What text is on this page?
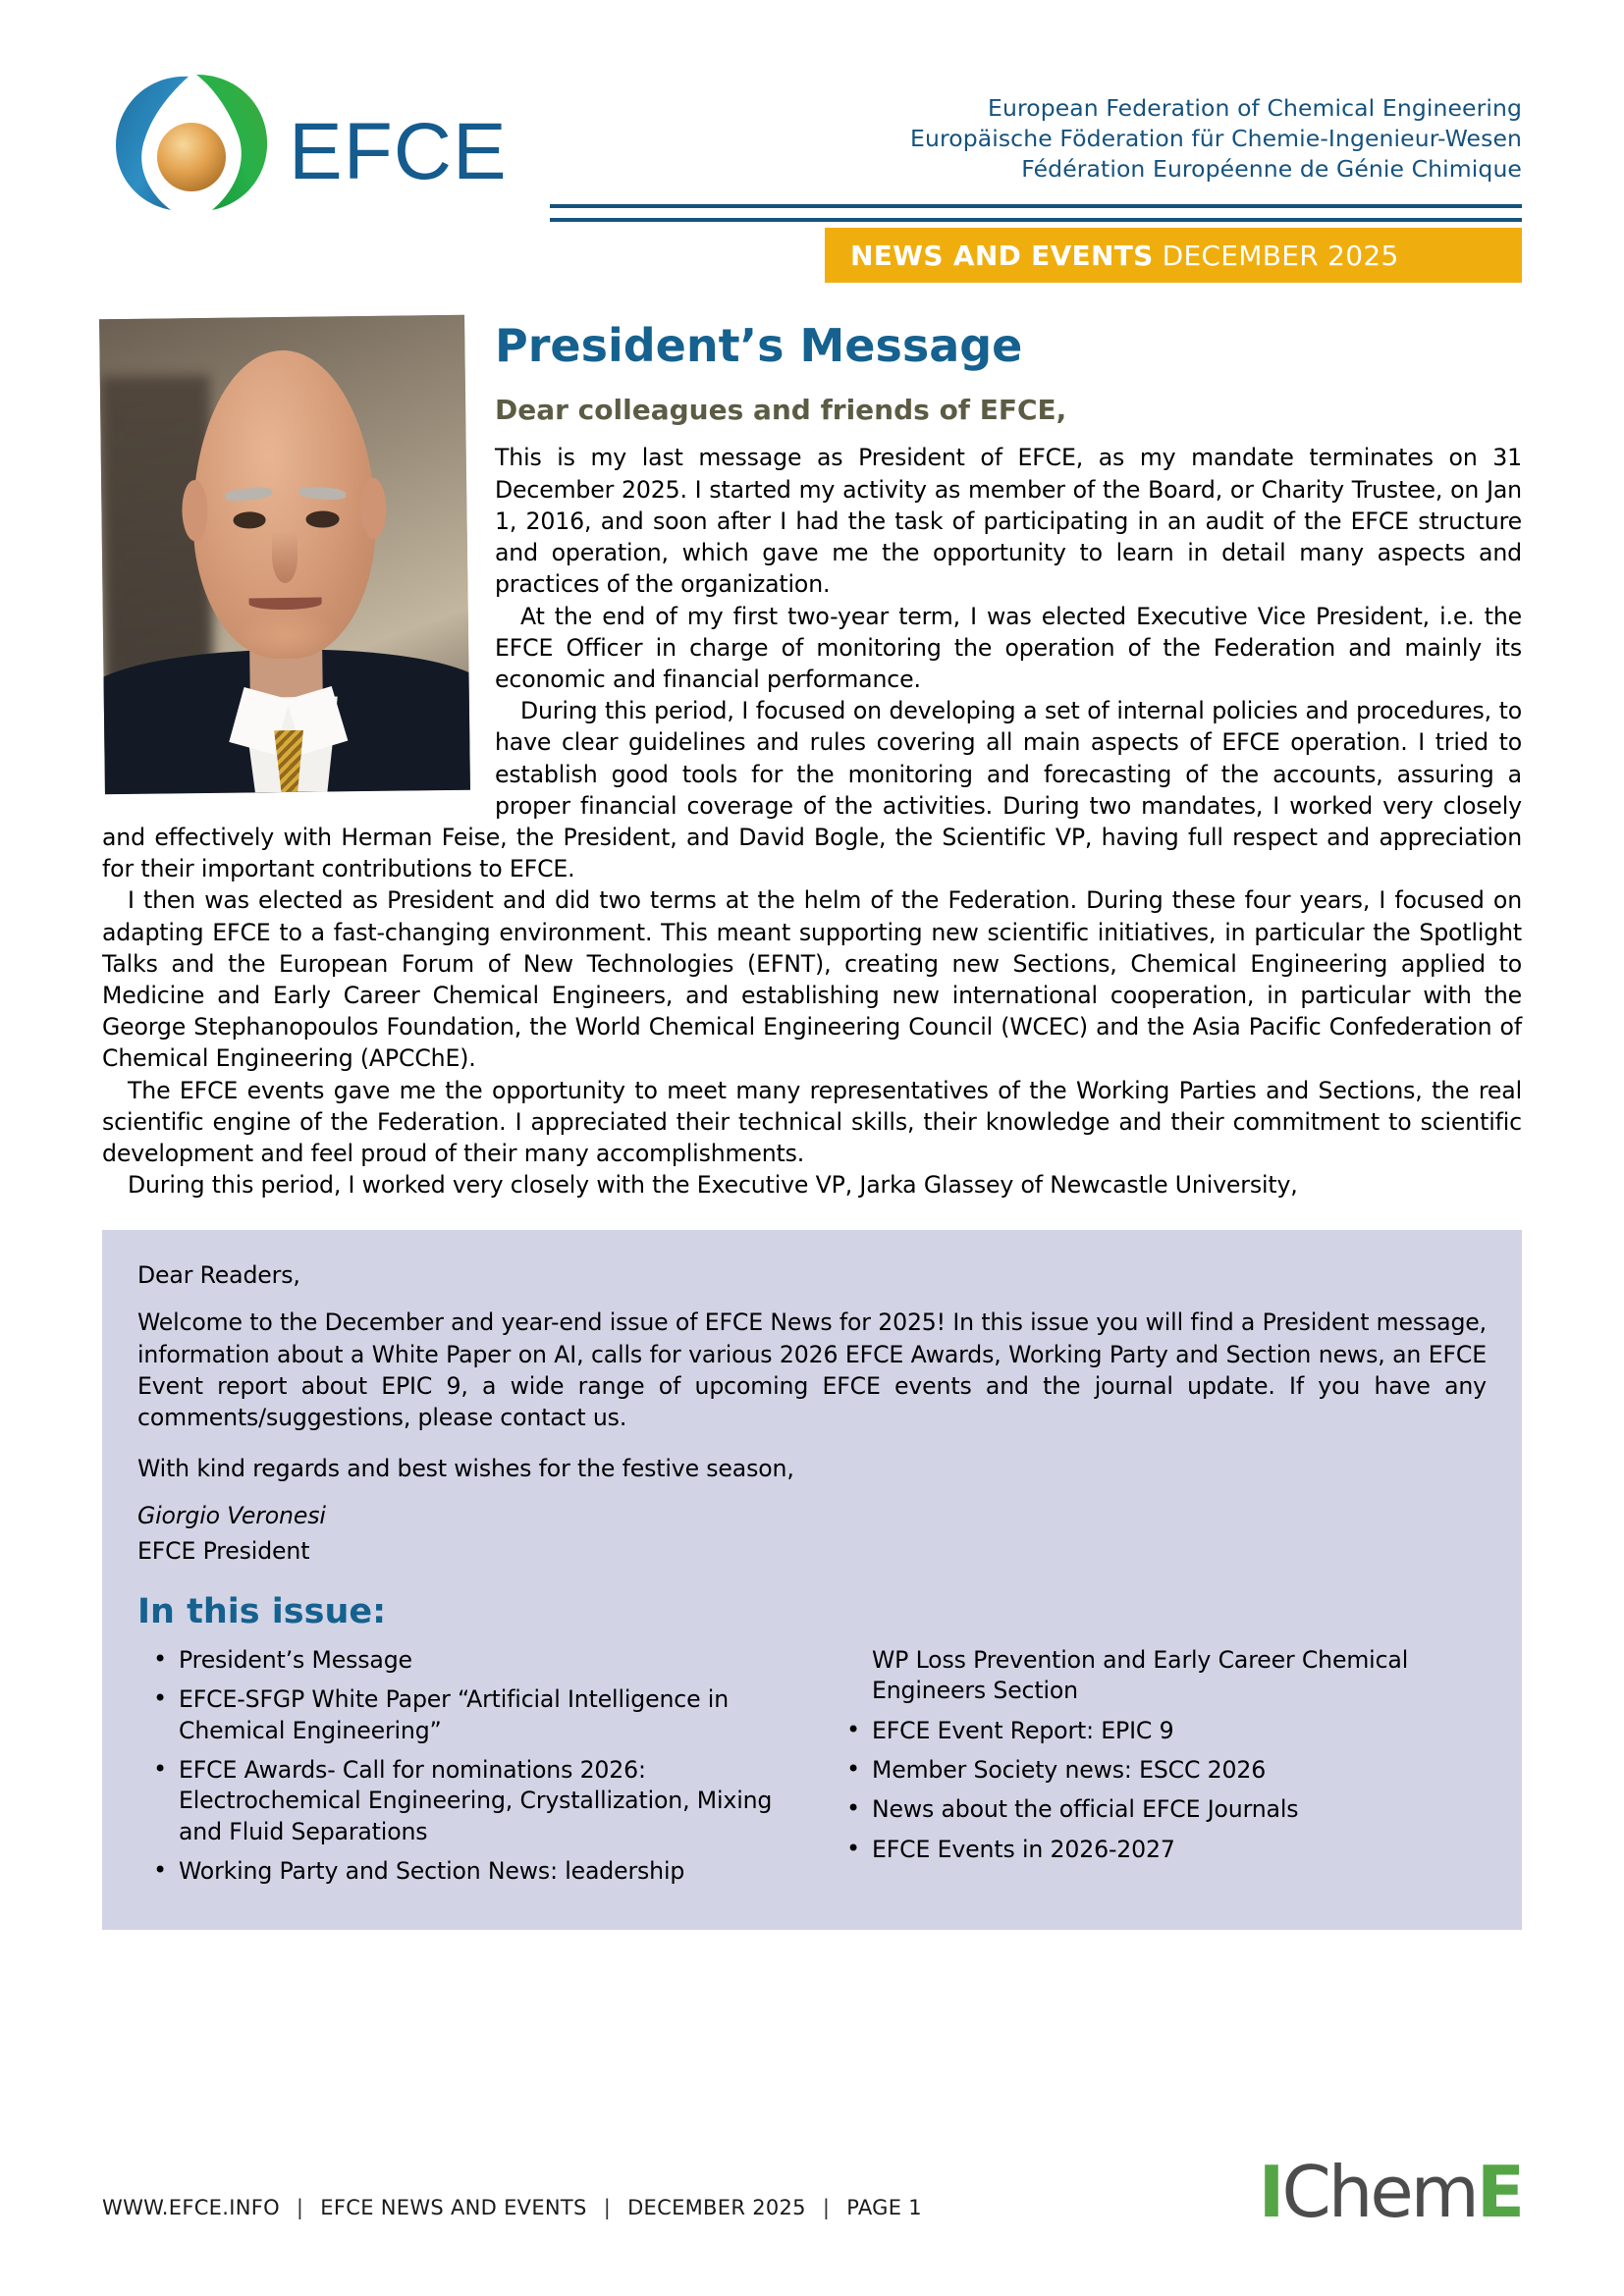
EFCE	European Federation of Chemical Engineering
Europäische Föderation für Chemie-Ingenieur-Wesen
Fédération Européenne de Génie Chimique
NEWS AND EVENTS DECEMBER 2025
President’s Message
Dear colleagues and friends of EFCE,

This is my last message as President of EFCE, as my mandate terminates on 31 December 2025. I started my activity as member of the Board, or Charity Trustee, on Jan 1, 2016, and soon after I had the task of participating in an audit of the EFCE structure and operation, which gave me the opportunity to learn in detail many aspects and practices of the organization.

At the end of my first two-year term, I was elected Executive Vice President, i.e. the EFCE Officer in charge of monitoring the operation of the Federation and mainly its economic and financial performance.

During this period, I focused on developing a set of internal policies and procedures, to have clear guidelines and rules covering all main aspects of EFCE operation. I tried to establish good tools for the monitoring and forecasting of the accounts, assuring a proper financial coverage of the activities. During two mandates, I worked very closely and effectively with Herman Feise, the President, and David Bogle, the Scientific VP, having full respect and appreciation for their important contributions to EFCE.

I then was elected as President and did two terms at the helm of the Federation. During these four years, I focused on adapting EFCE to a fast-changing environment. This meant supporting new scientific initiatives, in particular the Spotlight Talks and the European Forum of New Technologies (EFNT), creating new Sections, Chemical Engineering applied to Medicine and Early Career Chemical Engineers, and establishing new international cooperation, in particular with the George Stephanopoulos Foundation, the World Chemical Engineering Council (WCEC) and the Asia Pacific Confederation of Chemical Engineering (APCChE).

The EFCE events gave me the opportunity to meet many representatives of the Working Parties and Sections, the real scientific engine of the Federation. I appreciated their technical skills, their knowledge and their commitment to scientific development and feel proud of their many accomplishments.

During this period, I worked very closely with the Executive VP, Jarka Glassey of Newcastle University,

Dear Readers,

Welcome to the December and year-end issue of EFCE News for 2025! In this issue you will find a President message, information about a White Paper on AI, calls for various 2026 EFCE Awards, Working Party and Section news, an EFCE Event report about EPIC 9, a wide range of upcoming EFCE events and the journal update. If you have any comments/suggestions, please contact us.

With kind regards and best wishes for the festive season,

Giorgio Veronesi

EFCE President

In this issue:
• President’s Message
• EFCE-SFGP White Paper “Artificial Intelligence in Chemical Engineering”
• EFCE Awards- Call for nominations 2026: Electrochemical Engineering, Crystallization, Mixing and Fluid Separations
• Working Party and Section News: leadership
WP Loss Prevention and Early Career Chemical Engineers Section
• EFCE Event Report: EPIC 9
• Member Society news: ESCC 2026
• News about the official EFCE Journals
• EFCE Events in 2026-2027
WWW.EFCE.INFO | EFCE NEWS AND EVENTS | DECEMBER 2025 | PAGE 1	IChemE
